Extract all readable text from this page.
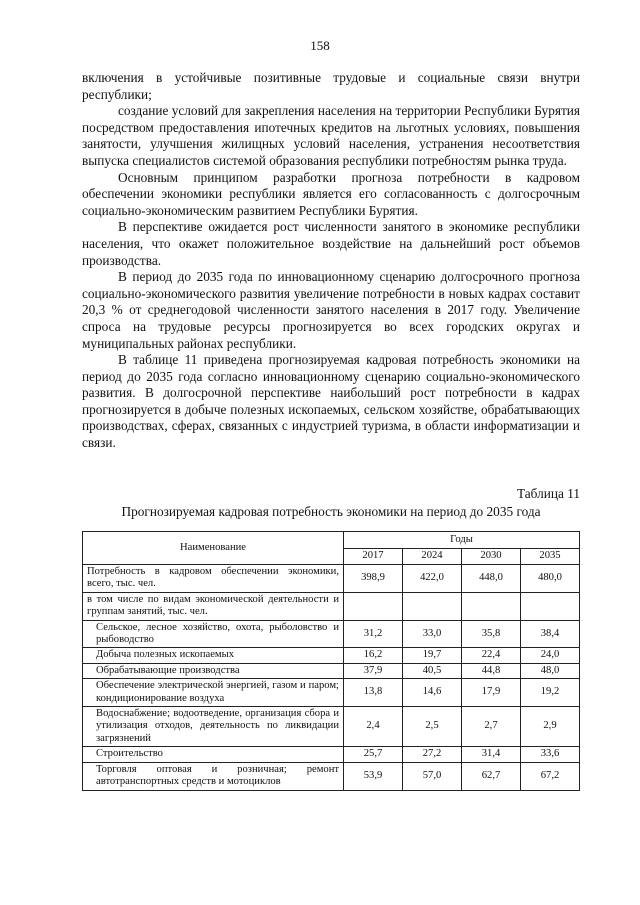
158

включения в устойчивые позитивные трудовые и социальные связи внутри республики;

создание условий для закрепления населения на территории Республики Бурятия посредством предоставления ипотечных кредитов на льготных условиях, повышения занятости, улучшения жилищных условий населения, устранения несоответствия выпуска специалистов системой образования республики потребностям рынка труда.

Основным принципом разработки прогноза потребности в кадровом обеспечении экономики республики является его согласованность с долгосрочным социально-экономическим развитием Республики Бурятия.

В перспективе ожидается рост численности занятого в экономике республики населения, что окажет положительное воздействие на дальнейший рост объемов производства.

В период до 2035 года по инновационному сценарию долгосрочного прогноза социально-экономического развития увеличение потребности в новых кадрах составит 20,3 % от среднегодовой численности занятого населения в 2017 году. Увеличение спроса на трудовые ресурсы прогнозируется во всех городских округах и муниципальных районах республики.

В таблице 11 приведена прогнозируемая кадровая потребность экономики на период до 2035 года согласно инновационному сценарию социально-экономического развития. В долгосрочной перспективе наибольший рост потребности в кадрах прогнозируется в добыче полезных ископаемых, сельском хозяйстве, обрабатывающих производствах, сферах, связанных с индустрией туризма, в области информатизации и связи.

Таблица 11
Прогнозируемая кадровая потребность экономики на период до 2035 года
Наименование	Годы			
	2017	2024	2030	2035
Потребность в кадровом обеспечении экономики, всего, тыс. чел.	398,9	422,0	448,0	480,0
в том числе по видам экономической деятельности и группам занятий, тыс. чел.				
Сельское, лесное хозяйство, охота, рыболовство и рыбоводство	31,2	33,0	35,8	38,4
Добыча полезных ископаемых	16,2	19,7	22,4	24,0
Обрабатывающие производства	37,9	40,5	44,8	48,0
Обеспечение электрической энергией, газом и паром; кондиционирование воздуха	13,8	14,6	17,9	19,2
Водоснабжение; водоотведение, организация сбора и утилизация отходов, деятельность по ликвидации загрязнений	2,4	2,5	2,7	2,9
Строительство	25,7	27,2	31,4	33,6
Торговля оптовая и розничная; ремонт автотранспортных средств и мотоциклов	53,9	57,0	62,7	67,2
